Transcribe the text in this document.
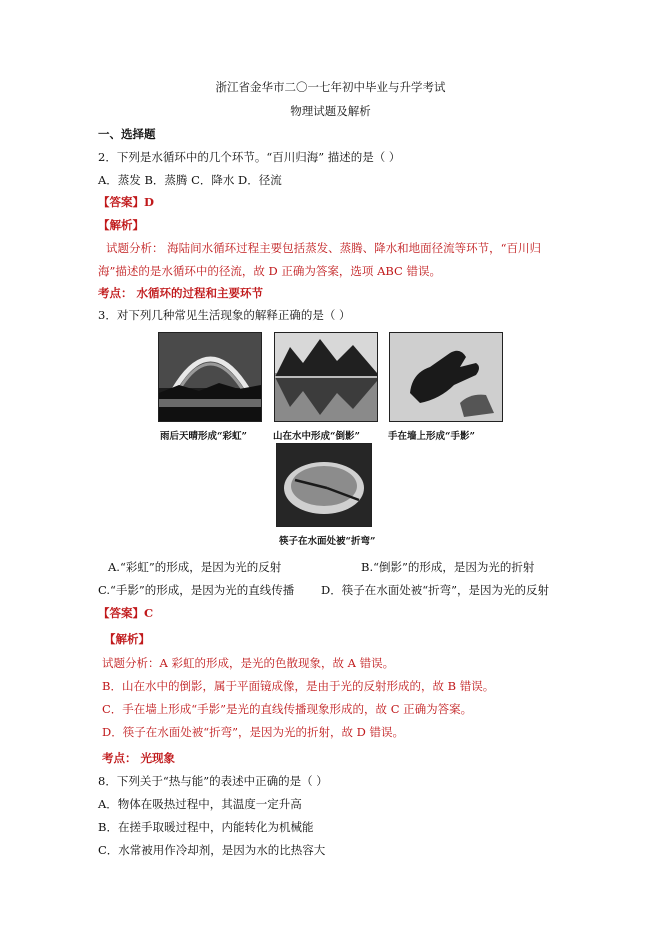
浙江省金华市二〇一七年初中毕业与升学考试
物理试题及解析
一、选择题
2．下列是水循环中的几个环节。“百川归海” 描述的是（ ）
A．蒸发 B．蒸腾 C．降水 D．径流
【答案】D
【解析】
试题分析： 海陆间水循环过程主要包括蒸发、蒸腾、降水和地面径流等环节，“百川归
海”描述的是水循环中的径流，故 D 正确为答案，选项 ABC 错误。
考点： 水循环的过程和主要环节
3．对下列几种常见生活现象的解释正确的是（ ）
雨后天晴形成“彩虹”	山在水中形成“倒影”	手在墙上形成“手影”
筷子在水面处被“折弯”
A.“彩虹”的形成，是因为光的反射	B.“倒影”的形成，是因为光的折射
C.“手影”的形成，是因为光的直线传播 D．筷子在水面处被“折弯”，是因为光的反射
【答案】C
【解析】
试题分析：A 彩虹的形成，是光的色散现象，故 A 错误。
B．山在水中的倒影，属于平面镜成像，是由于光的反射形成的，故 B 错误。
C．手在墙上形成“手影”是光的直线传播现象形成的，故 C 正确为答案。
D．筷子在水面处被“折弯”，是因为光的折射，故 D 错误。
考点： 光现象
8．下列关于“热与能”的表述中正确的是（ ）
A．物体在吸热过程中，其温度一定升高
B．在搓手取暖过程中，内能转化为机械能
C．水常被用作冷却剂，是因为水的比热容大
